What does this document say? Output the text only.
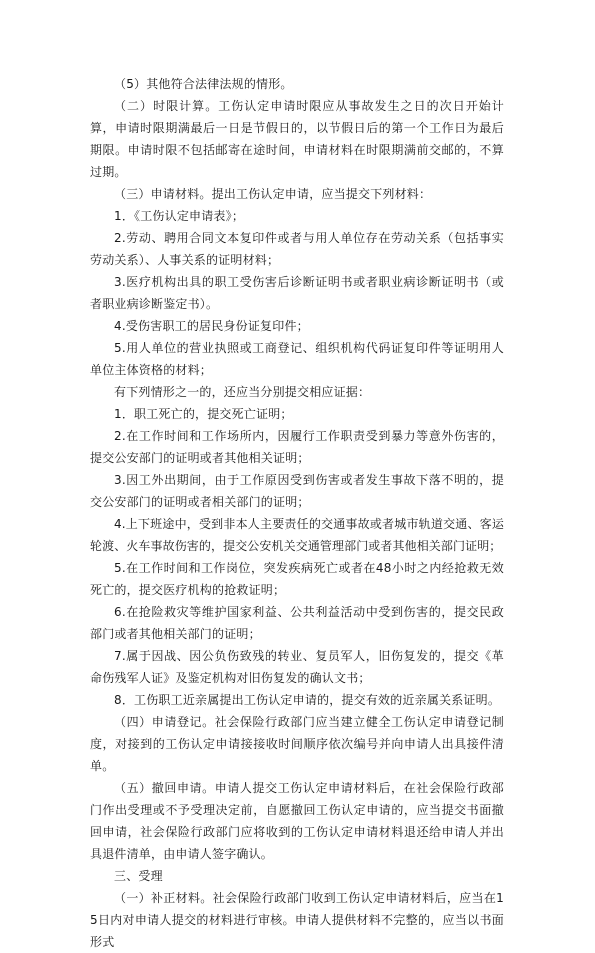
（5）其他符合法律法规的情形。

（二）时限计算。工伤认定申请时限应从事故发生之日的次日开始计算，申请时限期满最后一日是节假日的，以节假日后的第一个工作日为最后期限。申请时限不包括邮寄在途时间，申请材料在时限期满前交邮的，不算过期。

（三）申请材料。提出工伤认定申请，应当提交下列材料：

1．《工伤认定申请表》；

2.劳动、聘用合同文本复印件或者与用人单位存在劳动关系（包括事实劳动关系）、人事关系的证明材料；

3.医疗机构出具的职工受伤害后诊断证明书或者职业病诊断证明书（或者职业病诊断鉴定书）。

4.受伤害职工的居民身份证复印件；

5.用人单位的营业执照或工商登记、组织机构代码证复印件等证明用人单位主体资格的材料；

有下列情形之一的，还应当分别提交相应证据：

1．职工死亡的，提交死亡证明；

2.在工作时间和工作场所内，因履行工作职责受到暴力等意外伤害的，提交公安部门的证明或者其他相关证明；

3.因工外出期间，由于工作原因受到伤害或者发生事故下落不明的，提交公安部门的证明或者相关部门的证明；

4.上下班途中，受到非本人主要责任的交通事故或者城市轨道交通、客运轮渡、火车事故伤害的，提交公安机关交通管理部门或者其他相关部门证明；

5.在工作时间和工作岗位，突发疾病死亡或者在48小时之内经抢救无效死亡的，提交医疗机构的抢救证明；

6.在抢险救灾等维护国家利益、公共利益活动中受到伤害的，提交民政部门或者其他相关部门的证明；

7.属于因战、因公负伤致残的转业、复员军人，旧伤复发的，提交《革命伤残军人证》及鉴定机构对旧伤复发的确认文书；

8．工伤职工近亲属提出工伤认定申请的，提交有效的近亲属关系证明。

（四）申请登记。社会保险行政部门应当建立健全工伤认定申请登记制度，对接到的工伤认定申请接接收时间顺序依次编号并向申请人出具接件清单。

（五）撤回申请。申请人提交工伤认定申请材料后，在社会保险行政部门作出受理或不予受理决定前，自愿撤回工伤认定申请的，应当提交书面撤回申请，社会保险行政部门应将收到的工伤认定申请材料退还给申请人并出具退件清单，由申请人签字确认。

三、受理

（一）补正材料。社会保险行政部门收到工伤认定申请材料后，应当在15日内对申请人提交的材料进行审核。申请人提供材料不完整的，应当以书面形式
